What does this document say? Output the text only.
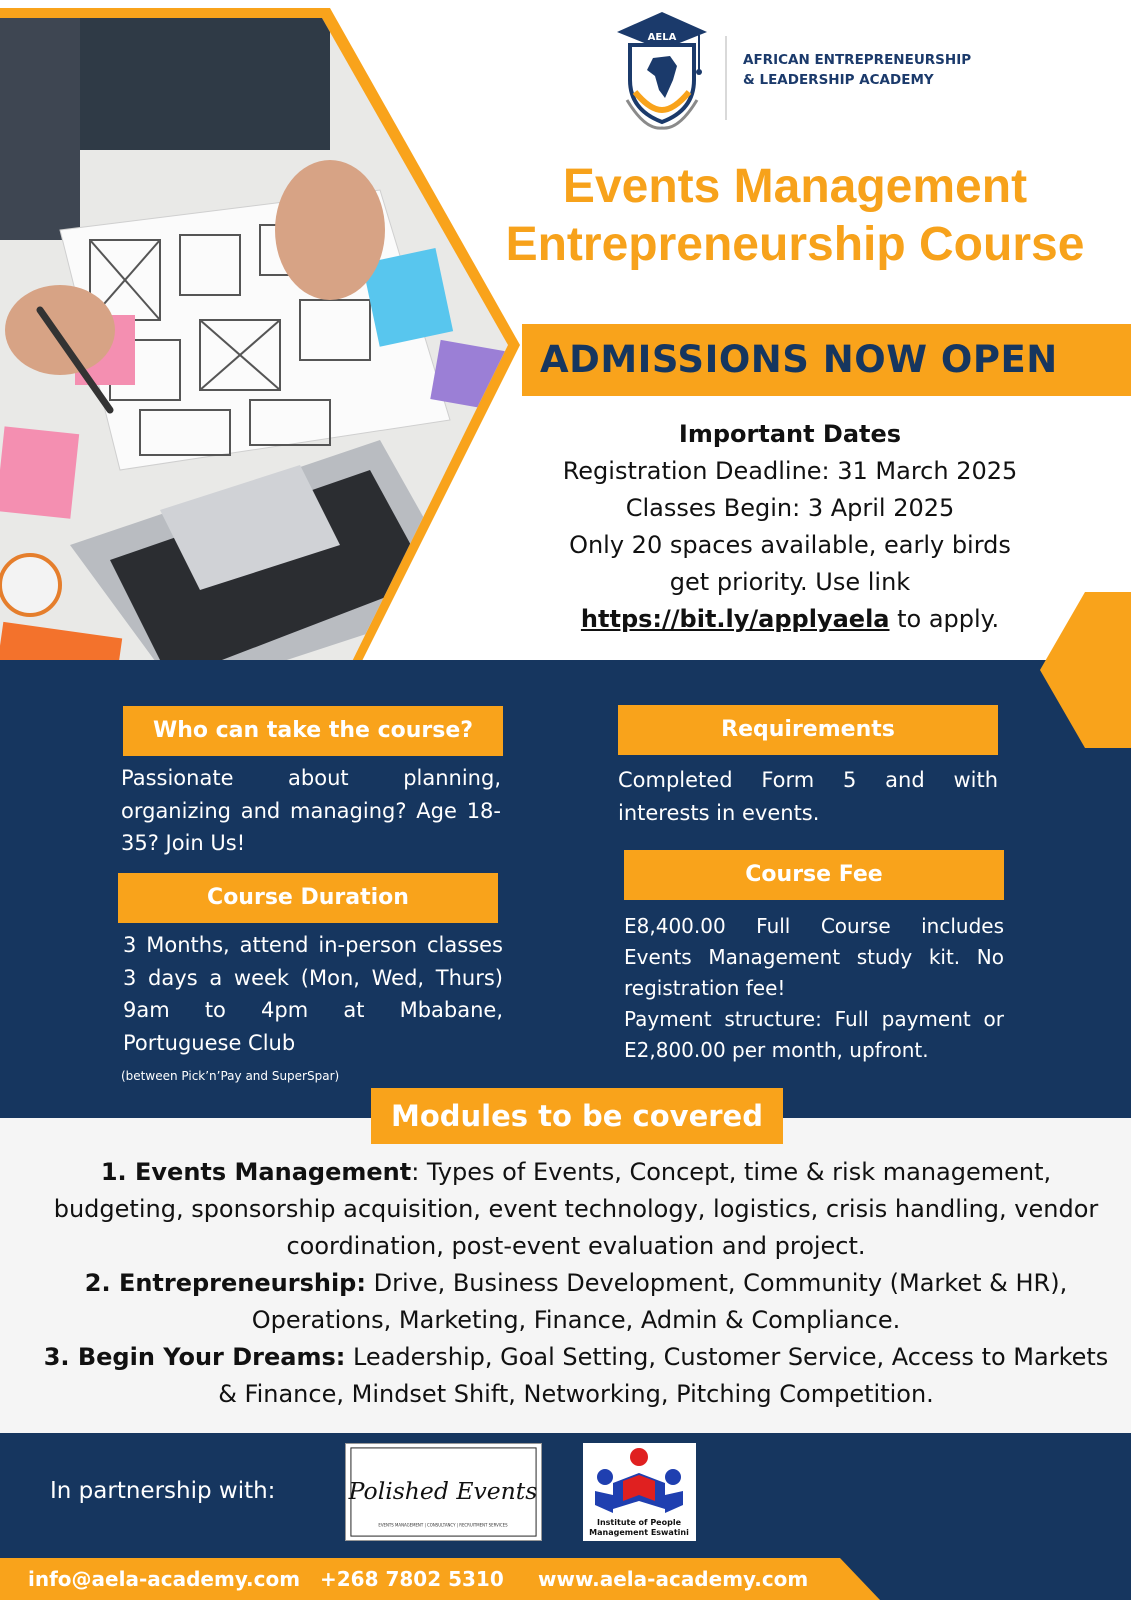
AELA
AFRICAN ENTREPRENEURSHIP
& LEADERSHIP ACADEMY
Events Management
Entrepreneurship Course
ADMISSIONS NOW OPEN
Important Dates
Registration Deadline: 31 March 2025
Classes Begin: 3 April 2025
Only 20 spaces available, early birds
get priority. Use link
https://bit.ly/applyaela to apply.
Who can take the course?
Passionate about planning, organizing and managing? Age 18-35? Join Us!
Requirements
Completed Form 5 and with interests in events.
Course Duration
3 Months, attend in-person classes 3 days a week (Mon, Wed, Thurs) 9am to 4pm at Mbabane, Portuguese Club
(between Pick’n’Pay and SuperSpar)
Course Fee
E8,400.00 Full Course includes Events Management study kit. No registration fee!
Payment structure: Full payment or E2,800.00 per month, upfront.
Modules to be covered
1. Events Management: Types of Events, Concept, time & risk management, budgeting, sponsorship acquisition, event technology, logistics, crisis handling, vendor coordination, post-event evaluation and project.
2. Entrepreneurship: Drive, Business Development, Community (Market & HR), Operations, Marketing, Finance, Admin & Compliance.
3. Begin Your Dreams: Leadership, Goal Setting, Customer Service, Access to Markets & Finance, Mindset Shift, Networking, Pitching Competition.
In partnership with:	Polished Events
EVENTS MANAGEMENT | CONSULTANCY | RECRUITMENT SERVICES	Institute of People
Management Eswatini
info@aela-academy.com +268 7802 5310 www.aela-academy.com
